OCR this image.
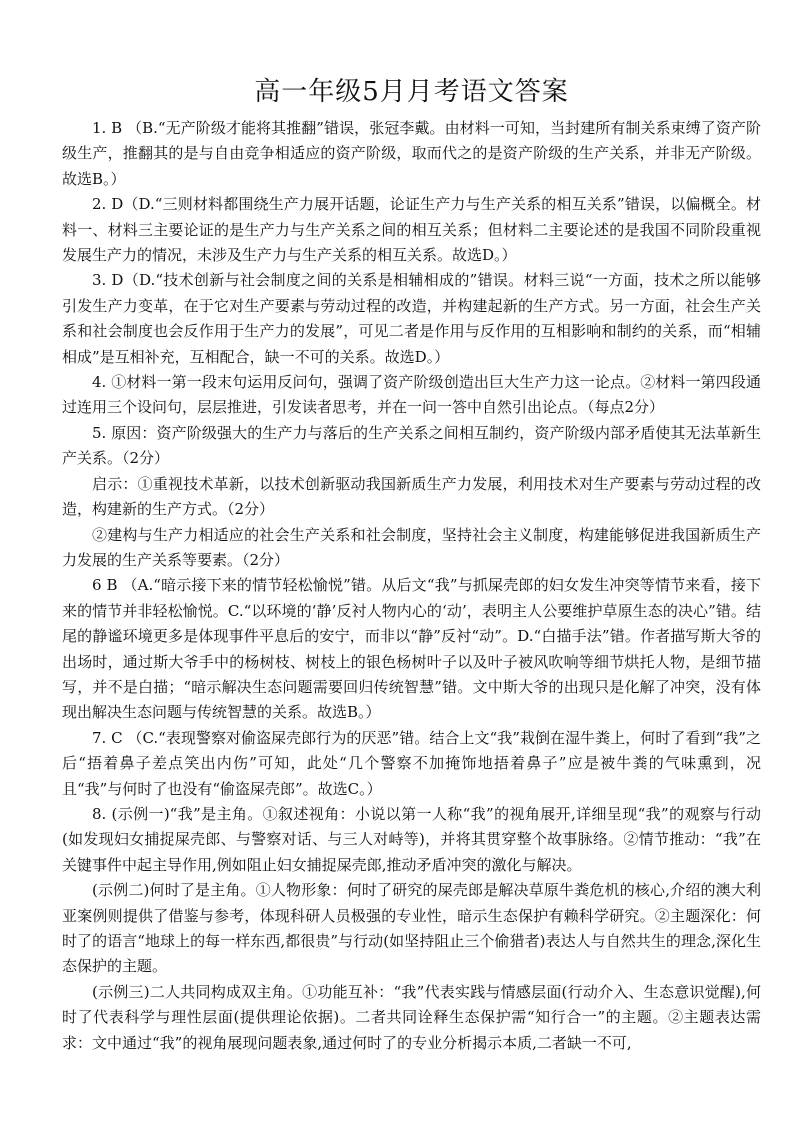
高一年级5月月考语文答案

1. B （B.“无产阶级才能将其推翻”错误，张冠李戴。由材料一可知，当封建所有制关系束缚了资产阶级生产，推翻其的是与自由竞争相适应的资产阶级，取而代之的是资产阶级的生产关系，并非无产阶级。故选B。）

2. D（D.“三则材料都围绕生产力展开话题，论证生产力与生产关系的相互关系”错误，以偏概全。材料一、材料三主要论证的是生产力与生产关系之间的相互关系；但材料二主要论述的是我国不同阶段重视发展生产力的情况，未涉及生产力与生产关系的相互关系。故选D。）

3. D（D.“技术创新与社会制度之间的关系是相辅相成的”错误。材料三说“一方面，技术之所以能够引发生产力变革，在于它对生产要素与劳动过程的改造，并构建起新的生产方式。另一方面，社会生产关系和社会制度也会反作用于生产力的发展”，可见二者是作用与反作用的互相影响和制约的关系，而“相辅相成”是互相补充，互相配合，缺一不可的关系。故选D。）

4. ①材料一第一段末句运用反问句，强调了资产阶级创造出巨大生产力这一论点。②材料一第四段通过连用三个设问句，层层推进，引发读者思考，并在一问一答中自然引出论点。（每点2分）

5. 原因：资产阶级强大的生产力与落后的生产关系之间相互制约，资产阶级内部矛盾使其无法革新生产关系。（2分）

启示：①重视技术革新，以技术创新驱动我国新质生产力发展，利用技术对生产要素与劳动过程的改造，构建新的生产方式。（2分）

②建构与生产力相适应的社会生产关系和社会制度，坚持社会主义制度，构建能够促进我国新质生产力发展的生产关系等要素。（2分）

6 B （A.“暗示接下来的情节轻松愉悦”错。从后文“我”与抓屎壳郎的妇女发生冲突等情节来看，接下来的情节并非轻松愉悦。C.“以环境的‘静’反衬人物内心的‘动’，表明主人公要维护草原生态的决心”错。结尾的静谧环境更多是体现事件平息后的安宁，而非以“静”反衬“动”。D.“白描手法”错。作者描写斯大爷的出场时，通过斯大爷手中的杨树枝、树枝上的银色杨树叶子以及叶子被风吹响等细节烘托人物，是细节描写，并不是白描；“暗示解决生态问题需要回归传统智慧”错。文中斯大爷的出现只是化解了冲突，没有体现出解决生态问题与传统智慧的关系。故选B。）

7. C （C.“表现警察对偷盗屎壳郎行为的厌恶”错。结合上文“我”栽倒在湿牛粪上，何时了看到“我”之后“捂着鼻子差点笑出内伤”可知，此处“几个警察不加掩饰地捂着鼻子”应是被牛粪的气味熏到，况且“我”与何时了也没有“偷盗屎壳郎”。故选C。）

8. (示例一)“我”是主角。①叙述视角：小说以第一人称“我”的视角展开,详细呈现“我”的观察与行动(如发现妇女捕捉屎壳郎、与警察对话、与三人对峙等)，并将其贯穿整个故事脉络。②情节推动：“我”在关键事件中起主导作用,例如阻止妇女捕捉屎壳郎,推动矛盾冲突的激化与解决。

(示例二)何时了是主角。①人物形象：何时了研究的屎壳郎是解决草原牛粪危机的核心,介绍的澳大利亚案例则提供了借鉴与参考，体现科研人员极强的专业性，暗示生态保护有赖科学研究。②主题深化：何时了的语言“地球上的每一样东西,都很贵”与行动(如坚持阻止三个偷猎者)表达人与自然共生的理念,深化生态保护的主题。

(示例三)二人共同构成双主角。①功能互补：“我”代表实践与情感层面(行动介入、生态意识觉醒),何时了代表科学与理性层面(提供理论依据)。二者共同诠释生态保护需“知行合一”的主题。②主题表达需求：文中通过“我”的视角展现问题表象,通过何时了的专业分析揭示本质,二者缺一不可,
